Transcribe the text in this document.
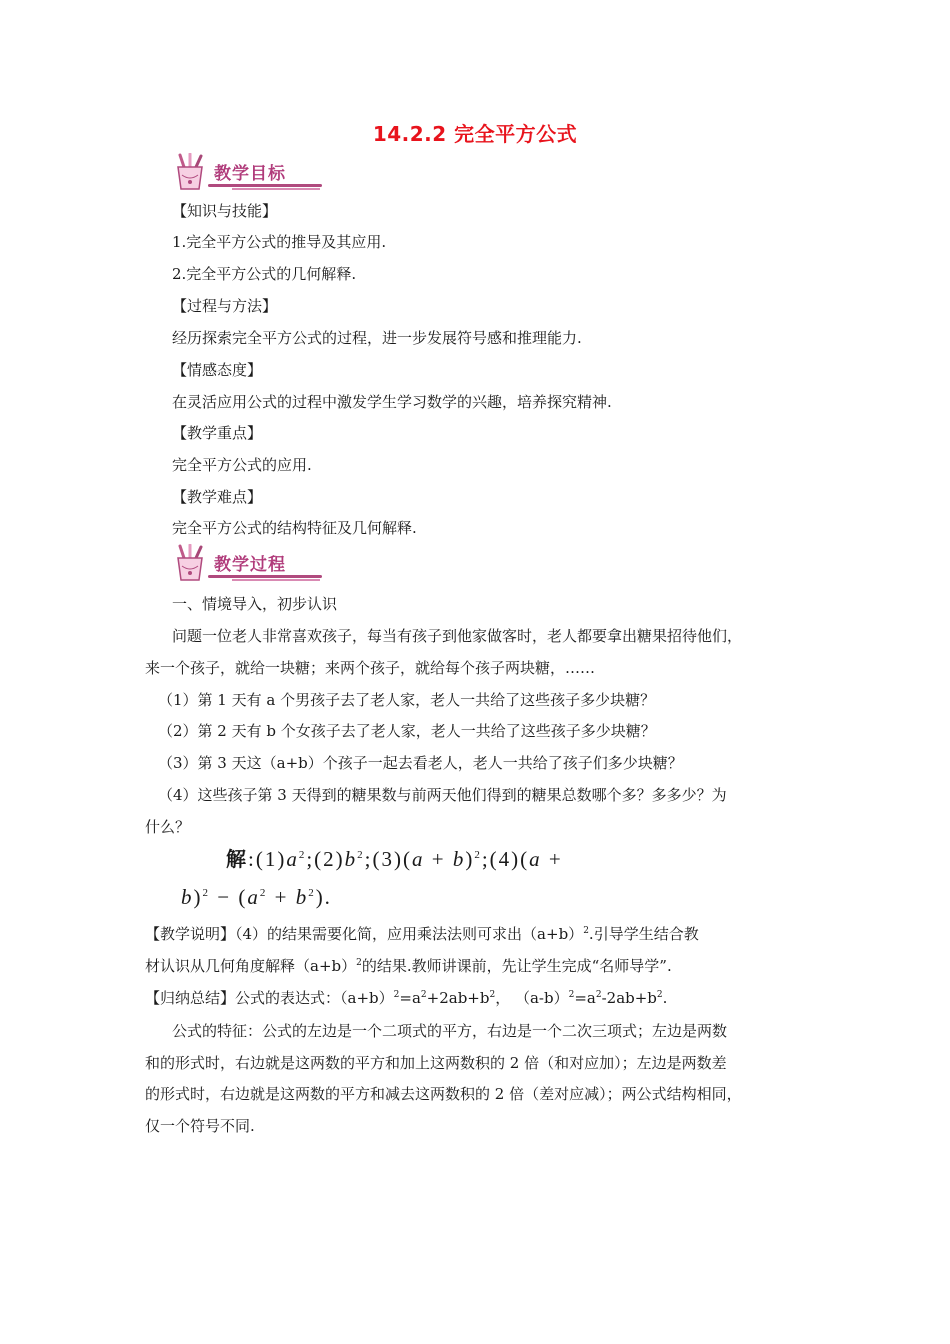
14.2.2 完全平方公式
教学目标
【知识与技能】
1.完全平方公式的推导及其应用.
2.完全平方公式的几何解释.
【过程与方法】
经历探索完全平方公式的过程，进一步发展符号感和推理能力.
【情感态度】
在灵活应用公式的过程中激发学生学习数学的兴趣，培养探究精神.
【教学重点】
完全平方公式的应用.
【教学难点】
完全平方公式的结构特征及几何解释.
教学过程
一、情境导入，初步认识
问题一位老人非常喜欢孩子，每当有孩子到他家做客时，老人都要拿出糖果招待他们，
来一个孩子，就给一块糖；来两个孩子，就给每个孩子两块糖，……
（1）第 1 天有 a 个男孩子去了老人家，老人一共给了这些孩子多少块糖？
（2）第 2 天有 b 个女孩子去了老人家，老人一共给了这些孩子多少块糖？
（3）第 3 天这（a+b）个孩子一起去看老人，老人一共给了孩子们多少块糖？
（4）这些孩子第 3 天得到的糖果数与前两天他们得到的糖果总数哪个多？多多少？为
什么？
解$:(1)a^2;(2)b^2;(3)(a$ + b)$^2$;(4)(a +
$b)^2 - (a^2 + b^2)$.
【教学说明】（4）的结果需要化简，应用乘法法则可求出$(a+b)^2$.引导学生结合教
材认识从几何角度解释$(a+b)^2$的结果.教师讲课前，先让学生完成“名师导学”.
【归纳总结】公式的表达式：$(a+b)^2=a^2+2ab+b^2$， $(a-b)^2=a^2-2ab+b^2$.
公式的特征：公式的左边是一个二项式的平方，右边是一个二次三项式；左边是两数
和的形式时，右边就是这两数的平方和加上这两数积的 2 倍（和对应加）；左边是两数差
的形式时，右边就是这两数的平方和减去这两数积的 2 倍（差对应减）；两公式结构相同，
仅一个符号不同.
